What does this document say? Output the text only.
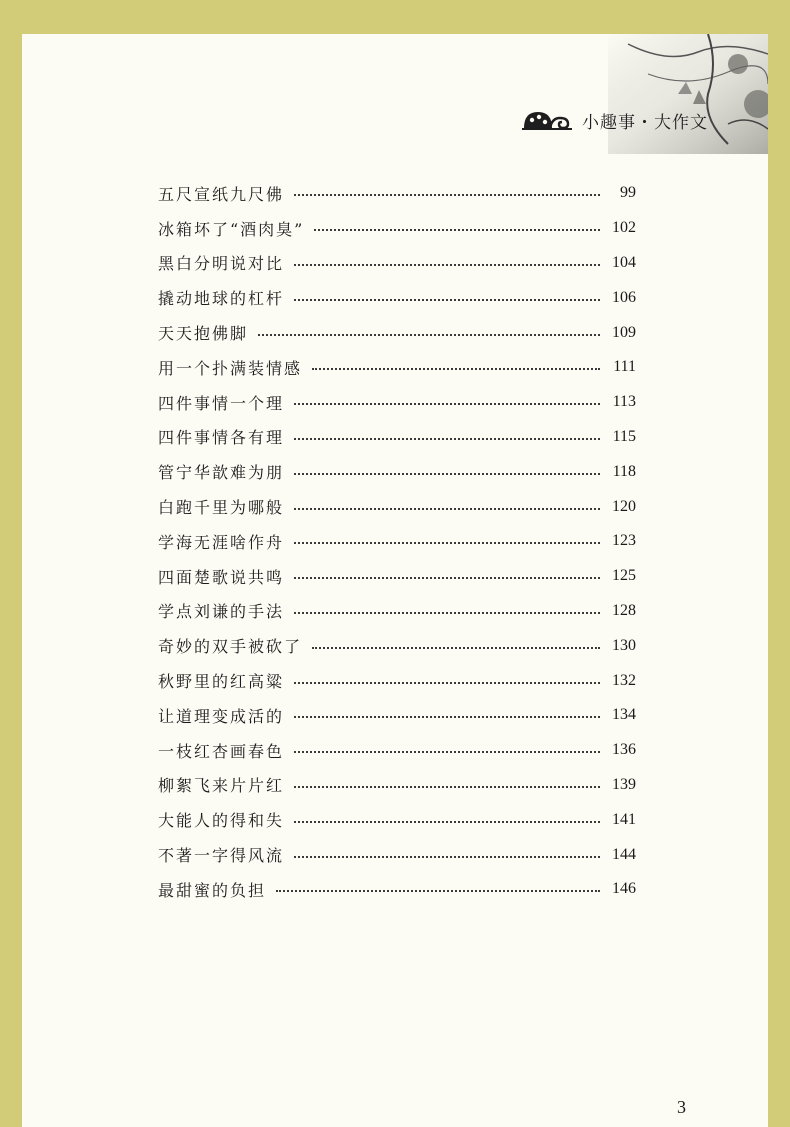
小趣事・大作文
五尺宣纸九尺佛	99
冰箱坏了“酒肉臭”	102
黑白分明说对比	104
撬动地球的杠杆	106
天天抱佛脚	109
用一个扑满装情感	111
四件事情一个理	113
四件事情各有理	115
管宁华歆难为朋	118
白跑千里为哪般	120
学海无涯啥作舟	123
四面楚歌说共鸣	125
学点刘谦的手法	128
奇妙的双手被砍了	130
秋野里的红高粱	132
让道理变成活的	134
一枝红杏画春色	136
柳絮飞来片片红	139
大能人的得和失	141
不著一字得风流	144
最甜蜜的负担	146
3
